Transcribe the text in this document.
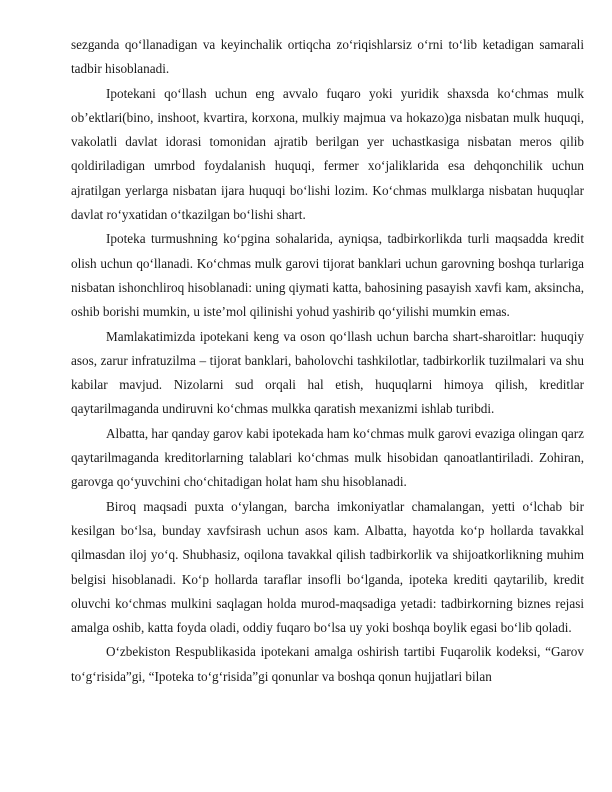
sezganda qo‘llanadigan va keyinchalik ortiqcha zo‘riqishlarsiz o‘rni to‘lib ketadigan samarali tadbir hisoblanadi.

Ipotekani qo‘llash uchun eng avvalo fuqaro yoki yuridik shaxsda ko‘chmas mulk ob’ektlari(bino, inshoot, kvartira, korxona, mulkiy majmua va hokazo)ga nisbatan mulk huquqi, vakolatli davlat idorasi tomonidan ajratib berilgan yer uchastkasiga nisbatan meros qilib qoldiriladigan umrbod foydalanish huquqi, fermer xo‘jaliklarida esa dehqonchilik uchun ajratilgan yerlarga nisbatan ijara huquqi bo‘lishi lozim. Ko‘chmas mulklarga nisbatan huquqlar davlat ro‘yxatidan o‘tkazilgan bo‘lishi shart.

Ipoteka turmushning ko‘pgina sohalarida, ayniqsa, tadbirkorlikda turli maqsadda kredit olish uchun qo‘llanadi. Ko‘chmas mulk garovi tijorat banklari uchun garovning boshqa turlariga nisbatan ishonchliroq hisoblanadi: uning qiymati katta, bahosining pasayish xavfi kam, aksincha, oshib borishi mumkin, u iste’mol qilinishi yohud yashirib qo‘yilishi mumkin emas.

Mamlakatimizda ipotekani keng va oson qo‘llash uchun barcha shart-sharoitlar: huquqiy asos, zarur infratuzilma – tijorat banklari, baholovchi tashkilotlar, tadbirkorlik tuzilmalari va shu kabilar mavjud. Nizolarni sud orqali hal etish, huquqlarni himoya qilish, kreditlar qaytarilmaganda undiruvni ko‘chmas mulkka qaratish mexanizmi ishlab turibdi.

Albatta, har qanday garov kabi ipotekada ham ko‘chmas mulk garovi evaziga olingan qarz qaytarilmaganda kreditorlarning talablari ko‘chmas mulk hisobidan qanoatlantiriladi. Zohiran, garovga qo‘yuvchini cho‘chitadigan holat ham shu hisoblanadi.

Biroq maqsadi puxta o‘ylangan, barcha imkoniyatlar chamalangan, yetti o‘lchab bir kesilgan bo‘lsa, bunday xavfsirash uchun asos kam. Albatta, hayotda ko‘p hollarda tavakkal qilmasdan iloj yo‘q. Shubhasiz, oqilona tavakkal qilish tadbirkorlik va shijoatkorlikning muhim belgisi hisoblanadi. Ko‘p hollarda taraflar insofli bo‘lganda, ipoteka krediti qaytarilib, kredit oluvchi ko‘chmas mulkini saqlagan holda murod-maqsadiga yetadi: tadbirkorning biznes rejasi amalga oshib, katta foyda oladi, oddiy fuqaro bo‘lsa uy yoki boshqa boylik egasi bo‘lib qoladi.

O‘zbekiston Respublikasida ipotekani amalga oshirish tartibi Fuqarolik kodeksi, “Garov to‘g‘risida”gi, “Ipoteka to‘g‘risida”gi qonunlar va boshqa qonun hujjatlari bilan
